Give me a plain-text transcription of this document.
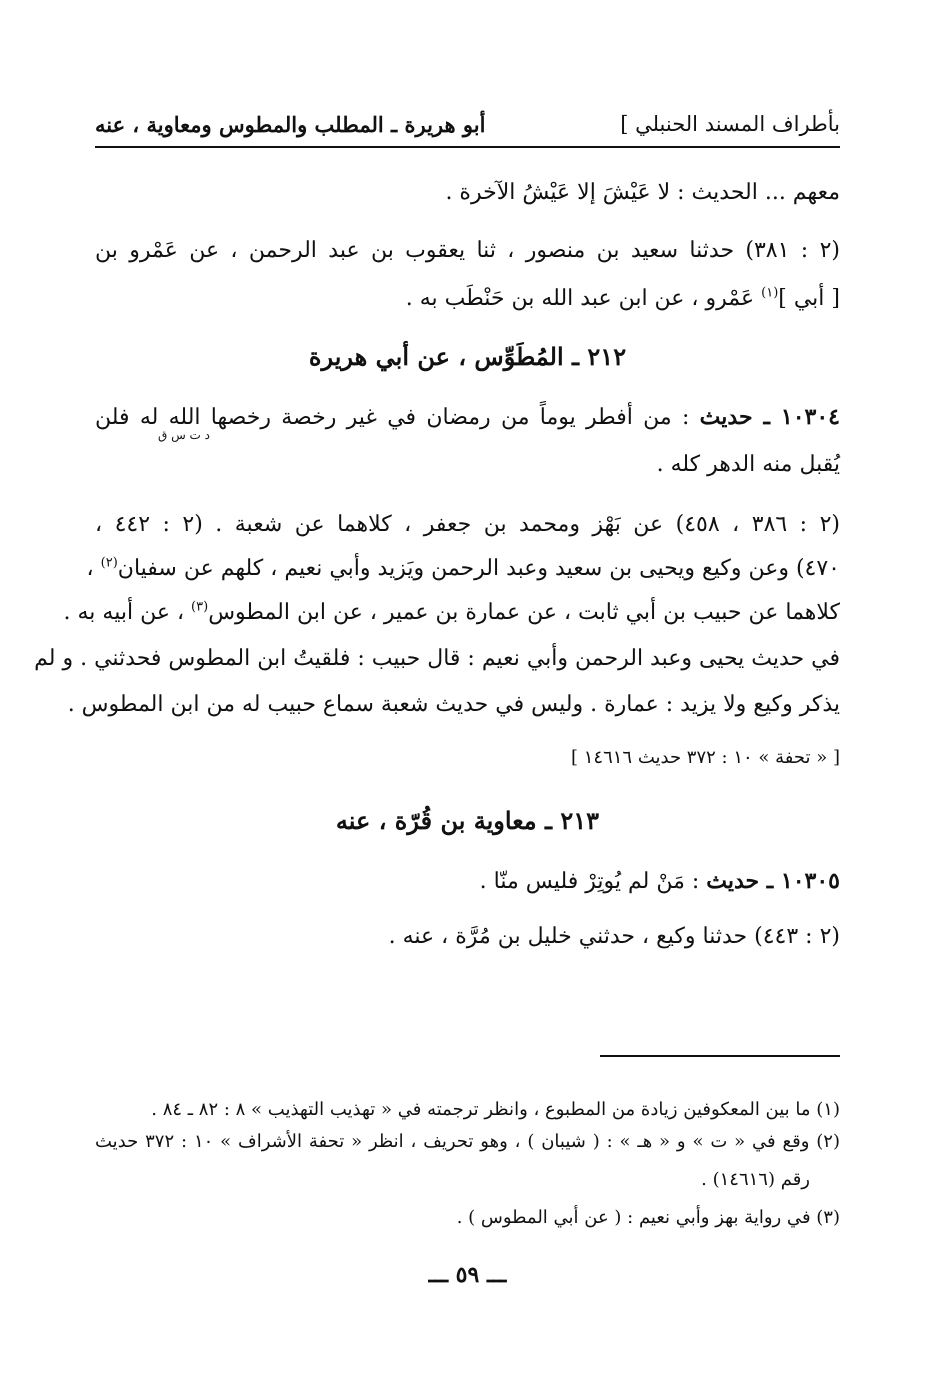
بأطراف المسند الحنبلي ]
أبو هريرة ـ المطلب والمطوس ومعاوية ، عنه
معهم ... الحديث : لا عَيْشَ إلا عَيْشُ الآخرة .
(٢ : ٣٨١) حدثنا سعيد بن منصور ، ثنا يعقوب بن عبد الرحمن ، عن عَمْرو بن
[ أبي ]$^{(١)}$ عَمْرو ، عن ابن عبد الله بن حَنْطَب به .
٢١٢ ـ المُطَوِّس ، عن أبي هريرة
١٠٣٠٤ ـ حديث : من أفطر يوماً من رمضان في غير رخصة رخصها الله له فلن
د ت س ق
يُقبل منه الدهر كله .
(٢ : ٣٨٦ ، ٤٥٨) عن بَهْز ومحمد بن جعفر ، كلاهما عن شعبة . (٢ : ٤٤٢ ،
٤٧٠) وعن وكيع ويحيى بن سعيد وعبد الرحمن ويَزيد وأبي نعيم ، كلهم عن سفيان$^{(٢)}$ ،
كلاهما عن حبيب بن أبي ثابت ، عن عمارة بن عمير ، عن ابن المطوس$^{(٣)}$ ، عن أبيه به .
في حديث يحيى وعبد الرحمن وأبي نعيم : قال حبيب : فلقيتُ ابن المطوس فحدثني . و لم
يذكر وكيع ولا يزيد : عمارة . وليس في حديث شعبة سماع حبيب له من ابن المطوس .
[ « تحفة » ١٠ : ٣٧٢ حديث ١٤٦١٦ ]
٢١٣ ـ معاوية بن قُرّة ، عنه
١٠٣٠٥ ـ حديث : مَنْ لم يُوتِرْ فليس منّا .
(٢ : ٤٤٣) حدثنا وكيع ، حدثني خليل بن مُرَّة ، عنه .
(١) ما بين المعكوفين زيادة من المطبوع ، وانظر ترجمته في « تهذيب التهذيب » ٨ : ٨٢ ـ ٨٤ .
(٢) وقع في « ت » و « هـ » : ( شيبان ) ، وهو تحريف ، انظر « تحفة الأشراف » ١٠ : ٣٧٢ حديث
رقم (١٤٦١٦) .
(٣) في رواية بهز وأبي نعيم : ( عن أبي المطوس ) .
ـــ ٥٩ ـــ
